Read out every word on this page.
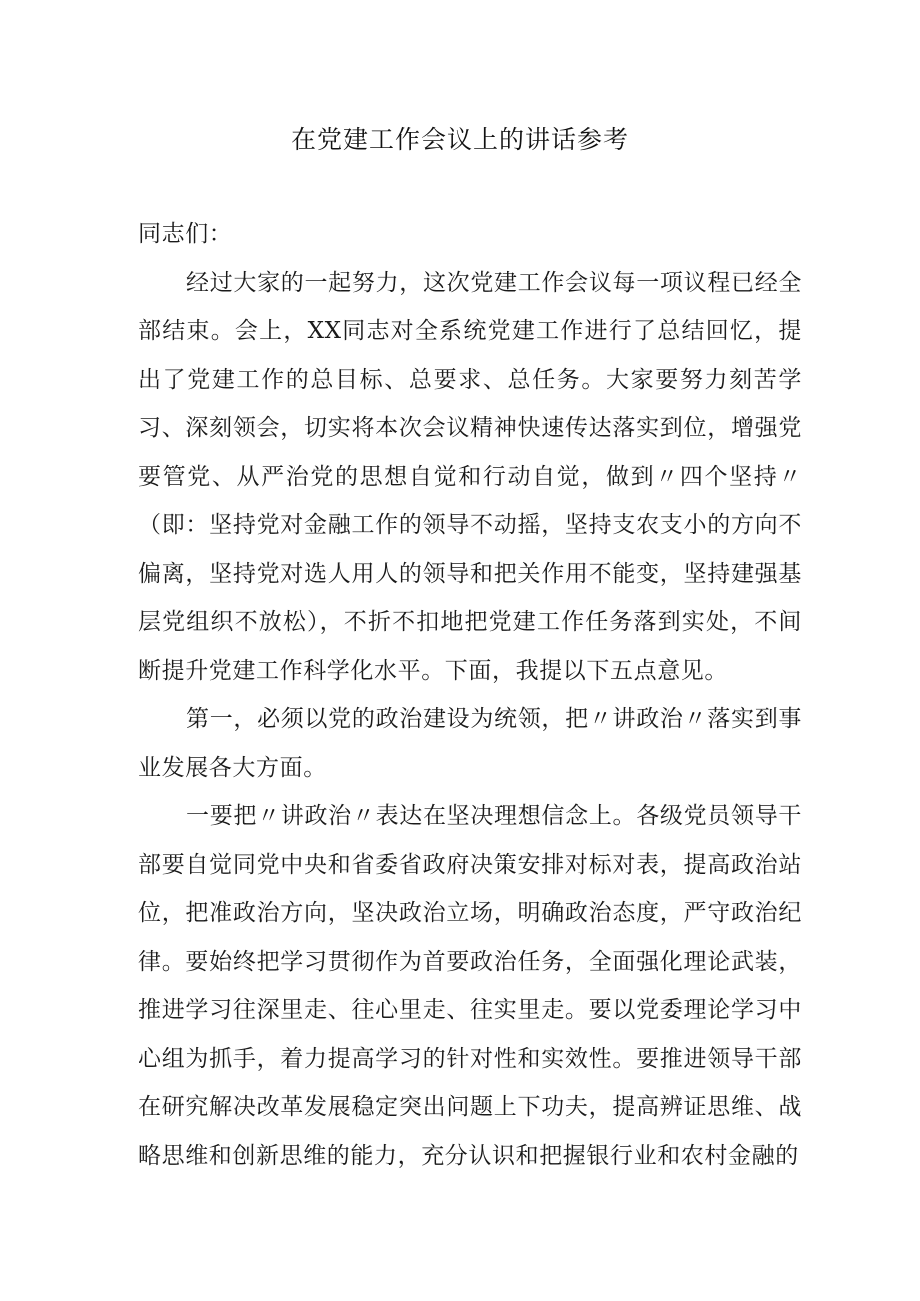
在党建工作会议上的讲话参考

同志们：

经过大家的一起努力，这次党建工作会议每一项议程已经全部结束。会上，XX同志对全系统党建工作进行了总结回忆，提出了党建工作的总目标、总要求、总任务。大家要努力刻苦学习、深刻领会，切实将本次会议精神快速传达落实到位，增强党要管党、从严治党的思想自觉和行动自觉，做到〃四个坚持〃（即：坚持党对金融工作的领导不动摇，坚持支农支小的方向不偏离，坚持党对选人用人的领导和把关作用不能变，坚持建强基层党组织不放松），不折不扣地把党建工作任务落到实处，不间断提升党建工作科学化水平。下面，我提以下五点意见。

第一，必须以党的政治建设为统领，把〃讲政治〃落实到事业发展各大方面。

一要把〃讲政治〃表达在坚决理想信念上。各级党员领导干部要自觉同党中央和省委省政府决策安排对标对表，提高政治站位，把准政治方向，坚决政治立场，明确政治态度，严守政治纪律。要始终把学习贯彻作为首要政治任务，全面强化理论武装，推进学习往深里走、往心里走、往实里走。要以党委理论学习中心组为抓手，着力提高学习的针对性和实效性。要推进领导干部在研究解决改革发展稳定突出问题上下功夫，提高辨证思维、战略思维和创新思维的能力，充分认识和把握银行业和农村金融的
